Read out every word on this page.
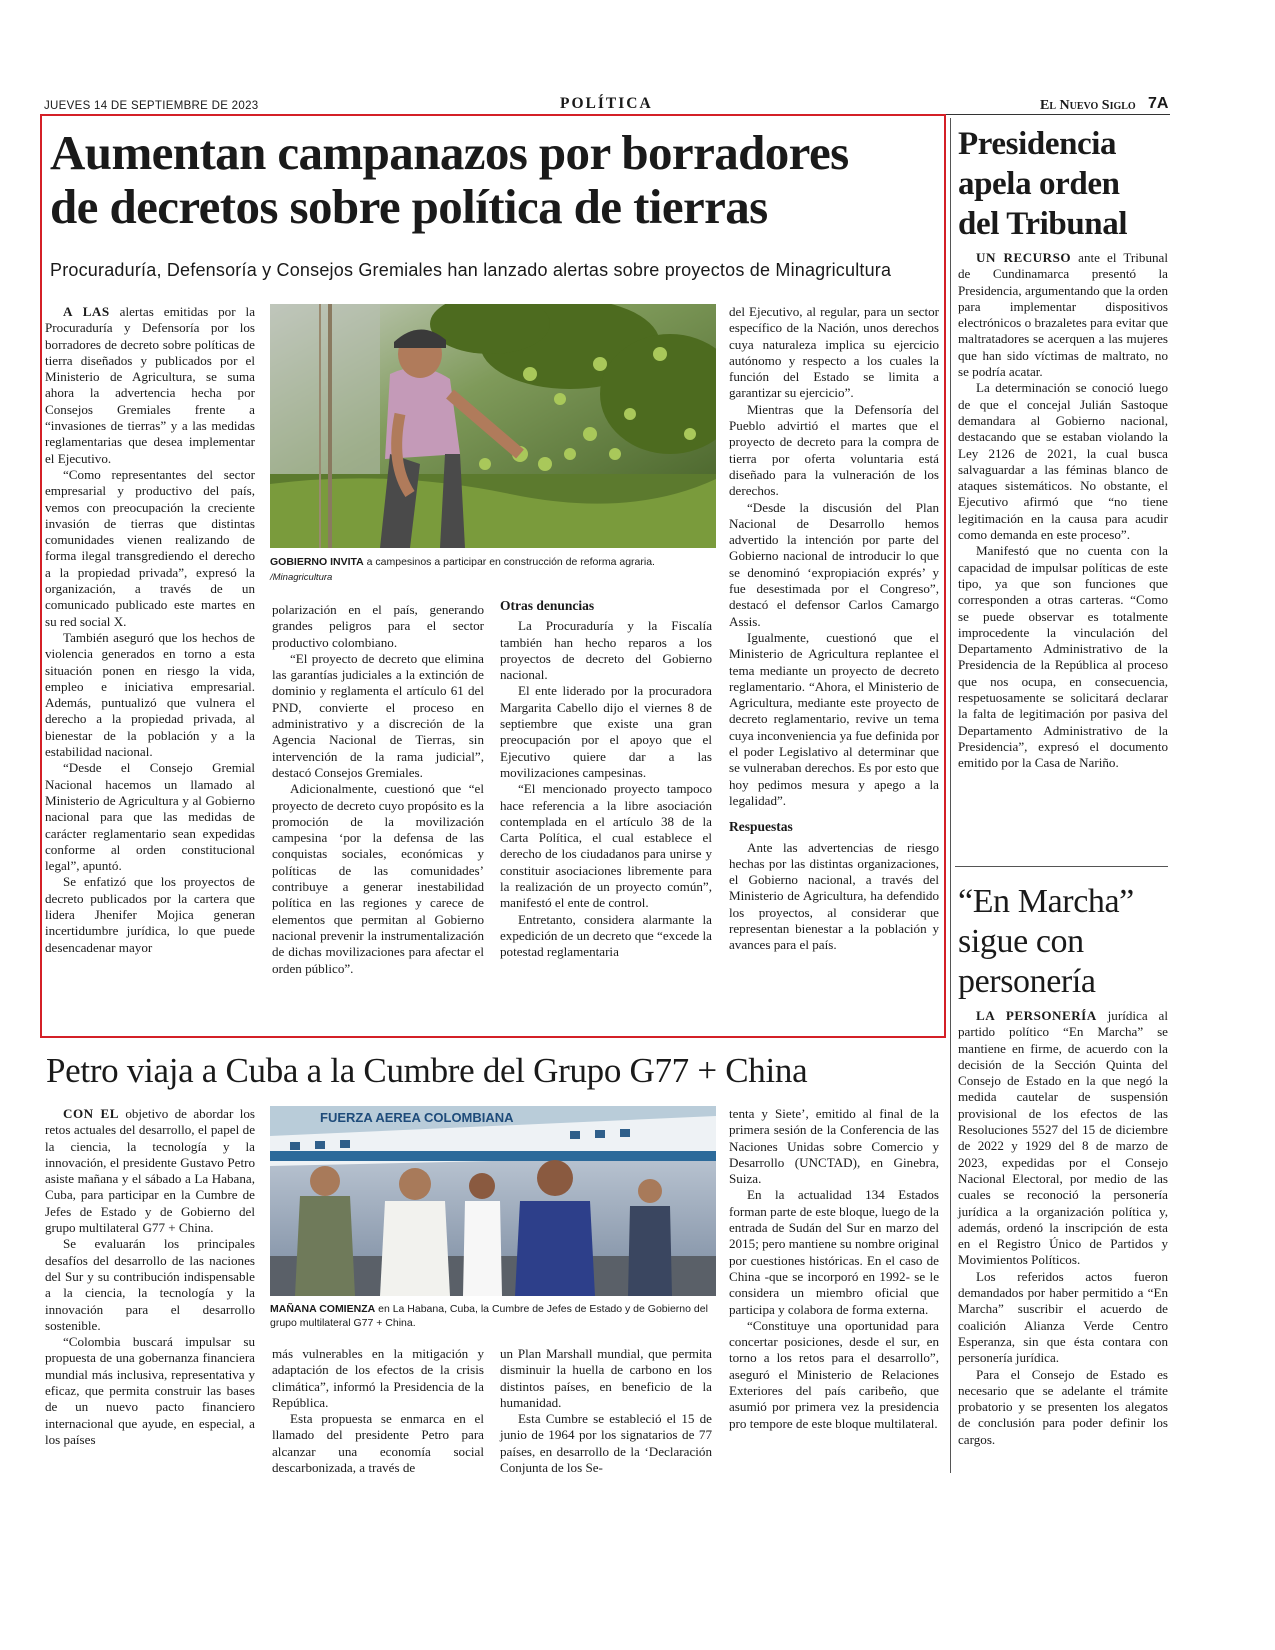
JUEVES 14 DE SEPTIEMBRE DE 2023	POLÍTICA	El Nuevo Siglo 7A
Aumentan campanazos por borradores
de decretos sobre política de tierras
Procuraduría, Defensoría y Consejos Gremiales han lanzado alertas sobre proyectos de Minagricultura

A LAS alertas emitidas por la Procuraduría y Defensoría por los borradores de decreto sobre políticas de tierra diseñados y publicados por el Ministerio de Agricultura, se suma ahora la advertencia hecha por Consejos Gremiales frente a “invasiones de tierras” y a las medidas reglamentarias que desea implementar el Ejecutivo.

“Como representantes del sector empresarial y productivo del país, vemos con preocupación la creciente invasión de tierras que distintas comunidades vienen realizando de forma ilegal transgrediendo el derecho a la propiedad privada”, expresó la organización, a través de un comunicado publicado este martes en su red social X.

También aseguró que los hechos de violencia generados en torno a esta situación ponen en riesgo la vida, empleo e iniciativa empresarial. Además, puntualizó que vulnera el derecho a la propiedad privada, al bienestar de la población y a la estabilidad nacional.

“Desde el Consejo Gremial Nacional hacemos un llamado al Ministerio de Agricultura y al Gobierno nacional para que las medidas de carácter reglamentario sean expedidas conforme al orden constitucional legal”, apuntó.

Se enfatizó que los proyectos de decreto publicados por la cartera que lidera Jhenifer Mojica generan incertidumbre jurídica, lo que puede desencadenar mayor

GOBIERNO INVITA a campesinos a participar en construcción de reforma agraria. /Minagricultura

polarización en el país, generando grandes peligros para el sector productivo colombiano.

“El proyecto de decreto que elimina las garantías judiciales a la extinción de dominio y reglamenta el artículo 61 del PND, convierte el proceso en administrativo y a discreción de la Agencia Nacional de Tierras, sin intervención de la rama judicial”, destacó Consejos Gremiales.

Adicionalmente, cuestionó que “el proyecto de decreto cuyo propósito es la promoción de la movilización campesina ‘por la defensa de las conquistas sociales, económicas y políticas de las comunidades’ contribuye a generar inestabilidad política en las regiones y carece de elementos que permitan al Gobierno nacional prevenir la instrumentalización de dichas movilizaciones para afectar el orden público”.

Otras denuncias

La Procuraduría y la Fiscalía también han hecho reparos a los proyectos de decreto del Gobierno nacional.

El ente liderado por la procuradora Margarita Cabello dijo el viernes 8 de septiembre que existe una gran preocupación por el apoyo que el Ejecutivo quiere dar a las movilizaciones campesinas.

“El mencionado proyecto tampoco hace referencia a la libre asociación contemplada en el artículo 38 de la Carta Política, el cual establece el derecho de los ciudadanos para unirse y constituir asociaciones libremente para la realización de un proyecto común”, manifestó el ente de control.

Entretanto, considera alarmante la expedición de un decreto que “excede la potestad reglamentaria

del Ejecutivo, al regular, para un sector específico de la Nación, unos derechos cuya naturaleza implica su ejercicio autónomo y respecto a los cuales la función del Estado se limita a garantizar su ejercicio”.

Mientras que la Defensoría del Pueblo advirtió el martes que el proyecto de decreto para la compra de tierra por oferta voluntaria está diseñado para la vulneración de los derechos.

“Desde la discusión del Plan Nacional de Desarrollo hemos advertido la intención por parte del Gobierno nacional de introducir lo que se denominó ‘expropiación exprés’ y fue desestimada por el Congreso”, destacó el defensor Carlos Camargo Assis.

Igualmente, cuestionó que el Ministerio de Agricultura replantee el tema mediante un proyecto de decreto reglamentario. “Ahora, el Ministerio de Agricultura, mediante este proyecto de decreto reglamentario, revive un tema cuya inconveniencia ya fue definida por el poder Legislativo al determinar que se vulneraban derechos. Es por esto que hoy pedimos mesura y apego a la legalidad”.

Respuestas

Ante las advertencias de riesgo hechas por las distintas organizaciones, el Gobierno nacional, a través del Ministerio de Agricultura, ha defendido los proyectos, al considerar que representan bienestar a la población y avances para el país.

Presidencia
apela orden
del Tribunal

UN RECURSO ante el Tribunal de Cundinamarca presentó la Presidencia, argumentando que la orden para implementar dispositivos electrónicos o brazaletes para evitar que maltratadores se acerquen a las mujeres que han sido víctimas de maltrato, no se podría acatar.

La determinación se conoció luego de que el concejal Julián Sastoque demandara al Gobierno nacional, destacando que se estaban violando la Ley 2126 de 2021, la cual busca salvaguardar a las féminas blanco de ataques sistemáticos. No obstante, el Ejecutivo afirmó que “no tiene legitimación en la causa para acudir como demanda en este proceso”.

Manifestó que no cuenta con la capacidad de impulsar políticas de este tipo, ya que son funciones que corresponden a otras carteras. “Como se puede observar es totalmente improcedente la vinculación del Departamento Administrativo de la Presidencia de la República al proceso que nos ocupa, en consecuencia, respetuosamente se solicitará declarar la falta de legitimación por pasiva del Departamento Administrativo de la Presidencia”, expresó el documento emitido por la Casa de Nariño.

“En Marcha”
sigue con
personería

LA PERSONERÍA jurídica al partido político “En Marcha” se mantiene en firme, de acuerdo con la decisión de la Sección Quinta del Consejo de Estado en la que negó la medida cautelar de suspensión provisional de los efectos de las Resoluciones 5527 del 15 de diciembre de 2022 y 1929 del 8 de marzo de 2023, expedidas por el Consejo Nacional Electoral, por medio de las cuales se reconoció la personería jurídica a la organización política y, además, ordenó la inscripción de esta en el Registro Único de Partidos y Movimientos Políticos.

Los referidos actos fueron demandados por haber permitido a “En Marcha” suscribir el acuerdo de coalición Alianza Verde Centro Esperanza, sin que ésta contara con personería jurídica.

Para el Consejo de Estado es necesario que se adelante el trámite probatorio y se presenten los alegatos de conclusión para poder definir los cargos.

Petro viaja a Cuba a la Cumbre del Grupo G77 + China

CON EL objetivo de abordar los retos actuales del desarrollo, el papel de la ciencia, la tecnología y la innovación, el presidente Gustavo Petro asiste mañana y el sábado a La Habana, Cuba, para participar en la Cumbre de Jefes de Estado y de Gobierno del grupo multilateral G77 + China.

Se evaluarán los principales desafíos del desarrollo de las naciones del Sur y su contribución indispensable a la ciencia, la tecnología y la innovación para el desarrollo sostenible.

“Colombia buscará impulsar su propuesta de una gobernanza financiera mundial más inclusiva, representativa y eficaz, que permita construir las bases de un nuevo pacto financiero internacional que ayude, en especial, a los países

FUERZA AEREA COLOMBIANA
MAÑANA COMIENZA en La Habana, Cuba, la Cumbre de Jefes de Estado y de Gobierno del grupo multilateral G77 + China.

más vulnerables en la mitigación y adaptación de los efectos de la crisis climática”, informó la Presidencia de la República.

Esta propuesta se enmarca en el llamado del presidente Petro para alcanzar una economía social descarbonizada, a través de

un Plan Marshall mundial, que permita disminuir la huella de carbono en los distintos países, en beneficio de la humanidad.

Esta Cumbre se estableció el 15 de junio de 1964 por los signatarios de 77 países, en desarrollo de la ‘Declaración Conjunta de los Se-

tenta y Siete’, emitido al final de la primera sesión de la Conferencia de las Naciones Unidas sobre Comercio y Desarrollo (UNCTAD), en Ginebra, Suiza.

En la actualidad 134 Estados forman parte de este bloque, luego de la entrada de Sudán del Sur en marzo del 2015; pero mantiene su nombre original por cuestiones históricas. En el caso de China -que se incorporó en 1992- se le considera un miembro oficial que participa y colabora de forma externa.

“Constituye una oportunidad para concertar posiciones, desde el sur, en torno a los retos para el desarrollo”, aseguró el Ministerio de Relaciones Exteriores del país caribeño, que asumió por primera vez la presidencia pro tempore de este bloque multilateral.
